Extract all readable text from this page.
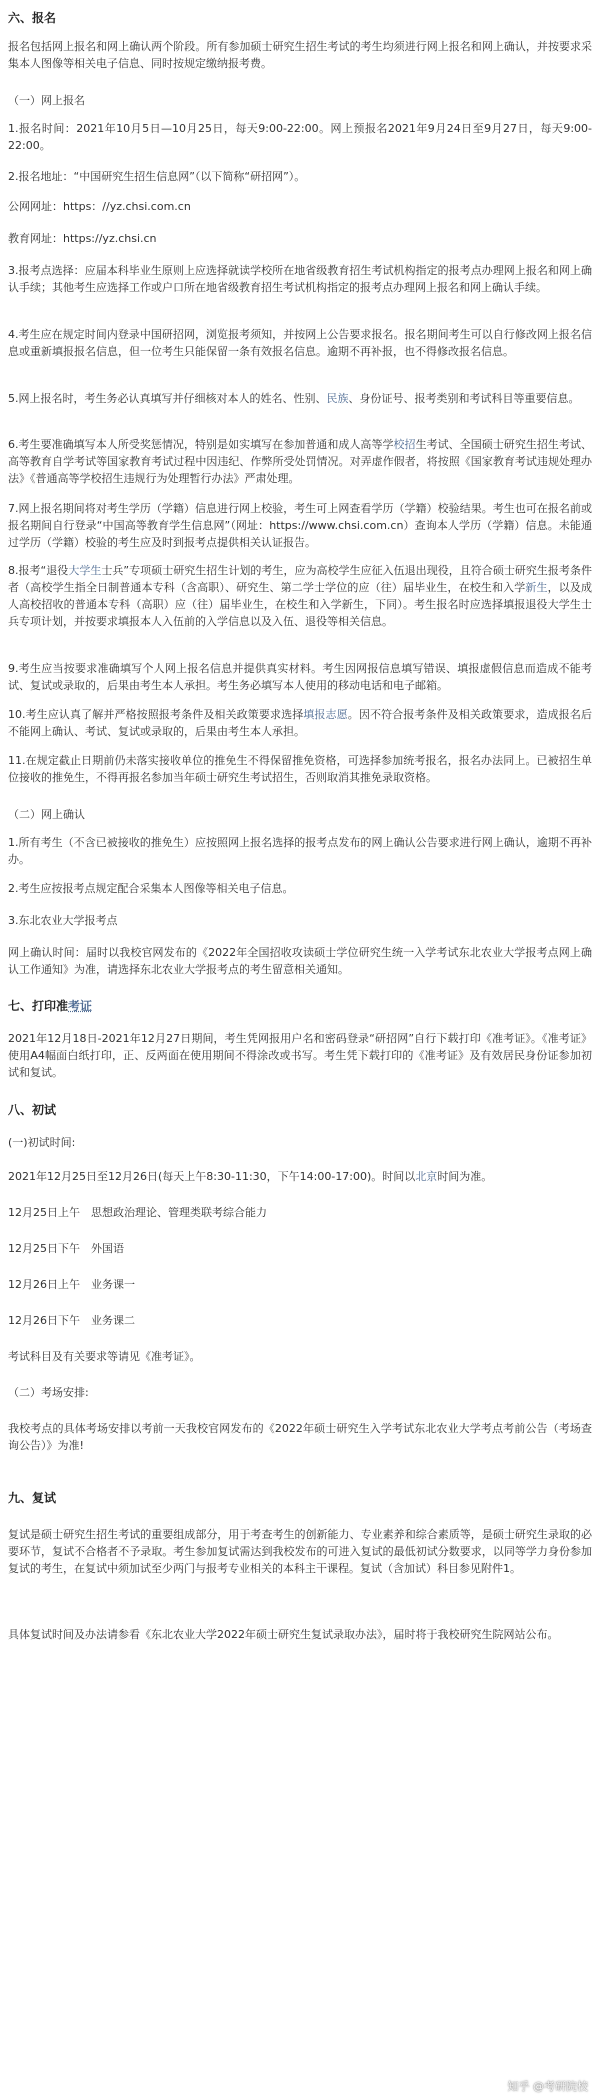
六、报名

报名包括网上报名和网上确认两个阶段。所有参加硕士研究生招生考试的考生均须进行网上报名和网上确认，并按要求采集本人图像等相关电子信息、同时按规定缴纳报考费。

（一）网上报名

1.报名时间：2021年10月5日—10月25日，每天9:00-22:00。网上预报名2021年9月24日至9月27日，每天9:00-22:00。

2.报名地址：“中国研究生招生信息网”（以下简称“研招网”）。

公网网址：https：//yz.chsi.com.cn

教育网址：https://yz.chsi.cn

3.报考点选择：应届本科毕业生原则上应选择就读学校所在地省级教育招生考试机构指定的报考点办理网上报名和网上确认手续；其他考生应选择工作或户口所在地省级教育招生考试机构指定的报考点办理网上报名和网上确认手续。

4.考生应在规定时间内登录中国研招网，浏览报考须知，并按网上公告要求报名。报名期间考生可以自行修改网上报名信息或重新填报报名信息，但一位考生只能保留一条有效报名信息。逾期不再补报，也不得修改报名信息。

5.网上报名时，考生务必认真填写并仔细核对本人的姓名、性别、民族、身份证号、报考类别和考试科目等重要信息。

6.考生要准确填写本人所受奖惩情况，特别是如实填写在参加普通和成人高等学校招生考试、全国硕士研究生招生考试、高等教育自学考试等国家教育考试过程中因违纪、作弊所受处罚情况。对弄虚作假者，将按照《国家教育考试违规处理办法》《普通高等学校招生违规行为处理暂行办法》严肃处理。

7.网上报名期间将对考生学历（学籍）信息进行网上校验，考生可上网查看学历（学籍）校验结果。考生也可在报名前或报名期间自行登录“中国高等教育学生信息网”（网址：https://www.chsi.com.cn）查询本人学历（学籍）信息。未能通过学历（学籍）校验的考生应及时到报考点提供相关认证报告。

8.报考“退役大学生士兵”专项硕士研究生招生计划的考生，应为高校学生应征入伍退出现役，且符合硕士研究生报考条件者（高校学生指全日制普通本专科（含高职）、研究生、第二学士学位的应（往）届毕业生，在校生和入学新生，以及成人高校招收的普通本专科（高职）应（往）届毕业生，在校生和入学新生，下同）。考生报名时应选择填报退役大学生士兵专项计划，并按要求填报本人入伍前的入学信息以及入伍、退役等相关信息。

9.考生应当按要求准确填写个人网上报名信息并提供真实材料。考生因网报信息填写错误、填报虚假信息而造成不能考试、复试或录取的，后果由考生本人承担。考生务必填写本人使用的移动电话和电子邮箱。

10.考生应认真了解并严格按照报考条件及相关政策要求选择填报志愿。因不符合报考条件及相关政策要求，造成报名后不能网上确认、考试、复试或录取的，后果由考生本人承担。

11.在规定截止日期前仍未落实接收单位的推免生不得保留推免资格，可选择参加统考报名，报名办法同上。已被招生单位接收的推免生，不得再报名参加当年硕士研究生考试招生，否则取消其推免录取资格。

（二）网上确认

1.所有考生（不含已被接收的推免生）应按照网上报名选择的报考点发布的网上确认公告要求进行网上确认，逾期不再补办。

2.考生应按报考点规定配合采集本人图像等相关电子信息。

3.东北农业大学报考点

网上确认时间：届时以我校官网发布的《2022年全国招收攻读硕士学位研究生统一入学考试东北农业大学报考点网上确认工作通知》为准，请选择东北农业大学报考点的考生留意相关通知。

七、打印准考证

2021年12月18日-2021年12月27日期间，考生凭网报用户名和密码登录“研招网”自行下载打印《准考证》。《准考证》使用A4幅面白纸打印，正、反两面在使用期间不得涂改或书写。考生凭下载打印的《准考证》及有效居民身份证参加初试和复试。

八、初试

(一)初试时间:

2021年12月25日至12月26日(每天上午8:30-11:30，下午14:00-17:00)。时间以北京时间为准。

12月25日上午　思想政治理论、管理类联考综合能力

12月25日下午　外国语

12月26日上午　业务课一

12月26日下午　业务课二

考试科目及有关要求等请见《准考证》。

（二）考场安排:

我校考点的具体考场安排以考前一天我校官网发布的《2022年硕士研究生入学考试东北农业大学考点考前公告（考场查询公告）》为准!

九、复试

复试是硕士研究生招生考试的重要组成部分，用于考查考生的创新能力、专业素养和综合素质等，是硕士研究生录取的必要环节，复试不合格者不予录取。考生参加复试需达到我校发布的可进入复试的最低初试分数要求，以同等学力身份参加复试的考生，在复试中须加试至少两门与报考专业相关的本科主干课程。复试（含加试）科目参见附件1。

具体复试时间及办法请参看《东北农业大学2022年硕士研究生复试录取办法》，届时将于我校研究生院网站公布。

知乎 @考研院校
